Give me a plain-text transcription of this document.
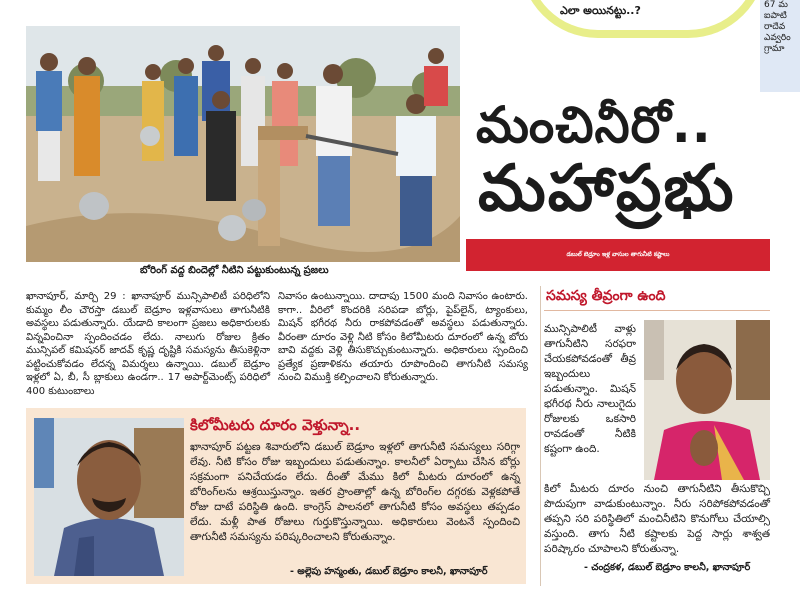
ఎలా అయినట్టు..?	67 మ
ఐపాటి
రాదేవ
ఎవ్వరిం
గ్రామా
బోరింగ్ వద్ద బిందెల్లో నీటిని పట్టుకుంటున్న ప్రజలు
మంచినీరో..
మహాప్రభు
డబుల్ బెడ్రూం ఇళ్ల వాసుల తాగునీటి కష్టాలు
ఖానాపూర్, మార్చి 29 : ఖానాపూర్ మున్సిపాలిటీ పరిధిలోని కుమ్మం లీం చౌరస్తా డబుల్ బెడ్రూం ఇళ్లవాసులు తాగునీటికి అవస్థలు పడుతున్నారు. యేడాది కాలంగా ప్రజలు అధికారులకు విన్నవించినా స్పందించడం లేదు. నాలుగు రోజుల క్రితం మున్సిపల్ కమిషనర్ జాదవ్ కృష్ణ దృష్టికి సమస్యను తీసుకెళ్లినా పట్టించుకోవడం లేదన్న విమర్శలు ఉన్నాయి. డబుల్ బెడ్రూం ఇళ్లలో ఏ, బీ, సీ బ్లాకులు ఉండగా.. 17 అపార్ట్‌మెంట్స్ పరిధిలో 400 కుటుంబాలు
నివాసం ఉంటున్నాయి. దాదాపు 1500 మంది నివాసం ఉంటారు. కాగా.. వీరిలో కొందరికి సరిపడా బోర్లు, పైప్‌లైన్, ట్యాంకులు, మిషన్ భగీరథ నీరు రాకపోవడంతో అవస్థలు పడుతున్నారు. వీరంతా దూరం వెళ్లి నీటి కోసం కిలోమీటరు దూరంలో ఉన్న బోరు బావి వద్దకు వెళ్లి తీసుకొచ్చుకుంటున్నారు. అధికారులు స్పందించి ప్రత్యేక ప్రణాళికను తయారు రూపొందించి తాగునీటి సమస్య నుంచి విముక్తి కల్పించాలని కోరుతున్నారు.
కిలోమీటరు దూరం వెళ్తున్నా..
ఖానాపూర్ పట్టణ శివారులోని డబుల్ బెడ్రూం ఇళ్లలో తాగునీటి సమస్యలు సరిగ్గా లేవు. నీటి కోసం రోజు ఇబ్బందులు పడుతున్నాం. కాలనీలో ఏర్పాటు చేసిన బోర్లు సక్రమంగా పనిచేయడం లేదు. దీంతో మేము కిలో మీటరు దూరంలో ఉన్న బోరింగ్‌లను ఆశ్రయిస్తున్నాం. ఇతర ప్రాంతాల్లో ఉన్న బోరింగ్‌ల దగ్గరకు వెళ్లకపోతే రోజు దాటే పరిస్థితి ఉంది. కాంగ్రెస్ పాలనలో తాగునీటి కోసం అవస్థలు తప్పడం లేదు. మళ్లీ పాత రోజులు గుర్తుకొస్తున్నాయి. అధికారులు వెంటనే స్పందించి తాగునీటి సమస్యను పరిష్కరించాలని కోరుతున్నాం.
- అల్లెపు హన్మంతు, డబుల్ బెడ్రూం కాలనీ, ఖానాపూర్
సమస్య తీవ్రంగా ఉంది
మున్సిపాలిటీ వాళ్లు తాగునీటిని సరఫరా చేయకపోవడంతో తీవ్ర ఇబ్బందులు పడుతున్నాం. మిషన్ భగీరథ నీరు నాలుగైదు రోజులకు ఒకసారి రావడంతో నీటికి కష్టంగా ఉంది.
కిలో మీటరు దూరం నుంచి తాగునీటిని తీసుకొచ్చి పొదుపుగా వాడుకుంటున్నాం. నీరు సరిపోకపోవడంతో తప్పని సరి పరిస్థితిలో మంచినీటిని కొనుగోలు చేయాల్సి వస్తుంది. తాగు నీటి కష్టాలకు పెద్ద సార్లు శాశ్వత పరిష్కారం చూపాలని కోరుతున్నా.
- చంద్రకళ, డబుల్ బెడ్రూం కాలనీ, ఖానాపూర్
